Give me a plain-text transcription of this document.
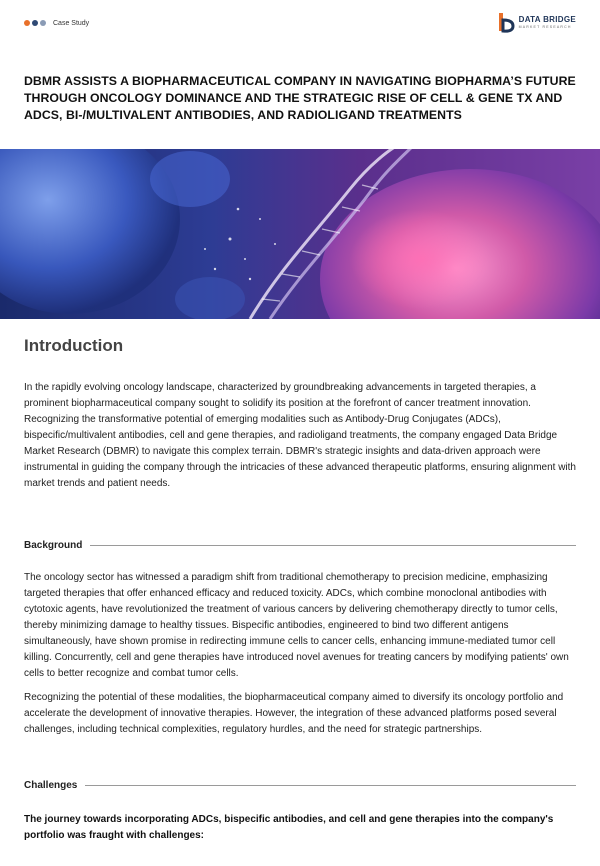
Case Study	DATA BRIDGE
MARKET RESEARCH
DBMR ASSISTS A BIOPHARMACEUTICAL COMPANY IN NAVIGATING BIOPHARMA’S FUTURE THROUGH ONCOLOGY DOMINANCE AND THE STRATEGIC RISE OF CELL & GENE TX AND ADCS, BI-/MULTIVALENT ANTIBODIES, AND RADIOLIGAND TREATMENTS
Introduction

In the rapidly evolving oncology landscape, characterized by groundbreaking advancements in targeted therapies, a prominent biopharmaceutical company sought to solidify its position at the forefront of cancer treatment innovation. Recognizing the transformative potential of emerging modalities such as Antibody-Drug Conjugates (ADCs), bispecific/multivalent antibodies, cell and gene therapies, and radioligand treatments, the company engaged Data Bridge Market Research (DBMR) to navigate this complex terrain. DBMR's strategic insights and data-driven approach were instrumental in guiding the company through the intricacies of these advanced therapeutic platforms, ensuring alignment with market trends and patient needs.

Background

The oncology sector has witnessed a paradigm shift from traditional chemotherapy to precision medicine, emphasizing targeted therapies that offer enhanced efficacy and reduced toxicity. ADCs, which combine monoclonal antibodies with cytotoxic agents, have revolutionized the treatment of various cancers by delivering chemotherapy directly to tumor cells, thereby minimizing damage to healthy tissues. Bispecific antibodies, engineered to bind two different antigens simultaneously, have shown promise in redirecting immune cells to cancer cells, enhancing immune-mediated tumor cell killing. Concurrently, cell and gene therapies have introduced novel avenues for treating cancers by modifying patients' own cells to better recognize and combat tumor cells.

Recognizing the potential of these modalities, the biopharmaceutical company aimed to diversify its oncology portfolio and accelerate the development of innovative therapies. However, the integration of these advanced platforms posed several challenges, including technical complexities, regulatory hurdles, and the need for strategic partnerships.

Challenges

The journey towards incorporating ADCs, bispecific antibodies, and cell and gene therapies into the company's portfolio was fraught with challenges:
